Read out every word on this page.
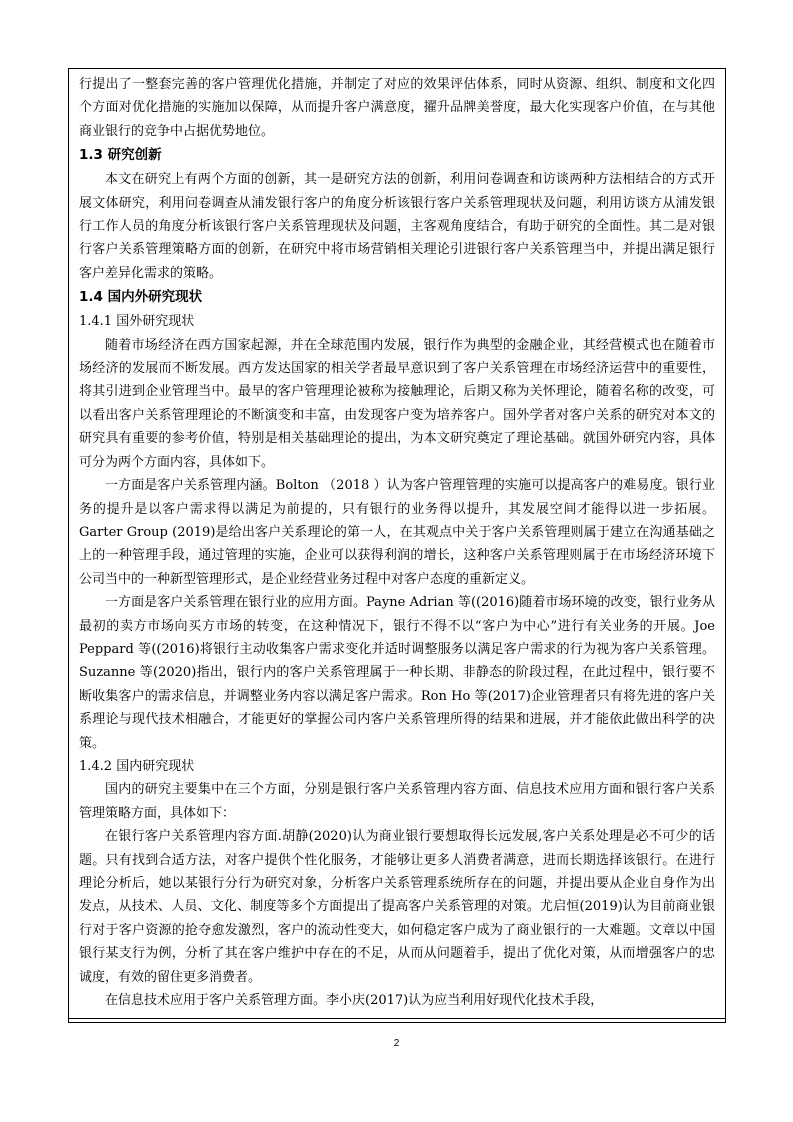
行提出了一整套完善的客户管理优化措施，并制定了对应的效果评估体系，同时从资源、组织、制度和文化四个方面对优化措施的实施加以保障，从而提升客户满意度，擢升品牌美誉度，最大化实现客户价值，在与其他商业银行的竞争中占据优势地位。

1.3 研究创新

本文在研究上有两个方面的创新，其一是研究方法的创新，利用问卷调查和访谈两种方法相结合的方式开展文体研究，利用问卷调查从浦发银行客户的角度分析该银行客户关系管理现状及问题，利用访谈方从浦发银行工作人员的角度分析该银行客户关系管理现状及问题，主客观角度结合，有助于研究的全面性。其二是对银行客户关系管理策略方面的创新，在研究中将市场营销相关理论引进银行客户关系管理当中，并提出满足银行客户差异化需求的策略。

1.4 国内外研究现状

1.4.1 国外研究现状

随着市场经济在西方国家起源，并在全球范围内发展，银行作为典型的金融企业，其经营模式也在随着市场经济的发展而不断发展。西方发达国家的相关学者最早意识到了客户关系管理在市场经济运营中的重要性，将其引进到企业管理当中。最早的客户管理理论被称为接触理论，后期又称为关怀理论，随着名称的改变，可以看出客户关系管理理论的不断演变和丰富，由发现客户变为培养客户。国外学者对客户关系的研究对本文的研究具有重要的参考价值，特别是相关基础理论的提出，为本文研究奠定了理论基础。就国外研究内容，具体可分为两个方面内容，具体如下。

一方面是客户关系管理内涵。Bolton （2018 ）认为客户管理管理的实施可以提高客户的难易度。银行业务的提升是以客户需求得以满足为前提的，只有银行的业务得以提升，其发展空间才能得以进一步拓展。Garter Group (2019)是给出客户关系理论的第一人，在其观点中关于客户关系管理则属于建立在沟通基础之上的一种管理手段，通过管理的实施，企业可以获得利润的增长，这种客户关系管理则属于在市场经济环境下公司当中的一种新型管理形式，是企业经营业务过程中对客户态度的重新定义。

一方面是客户关系管理在银行业的应用方面。Payne Adrian 等((2016)随着市场环境的改变，银行业务从最初的卖方市场向买方市场的转变，在这种情况下，银行不得不以“客户为中心”进行有关业务的开展。Joe Peppard 等((2016)将银行主动收集客户需求变化并适时调整服务以满足客户需求的行为视为客户关系管理。Suzanne 等(2020)指出，银行内的客户关系管理属于一种长期、非静态的阶段过程，在此过程中，银行要不断收集客户的需求信息，并调整业务内容以满足客户需求。Ron Ho 等(2017)企业管理者只有将先进的客户关系理论与现代技术相融合，才能更好的掌握公司内客户关系管理所得的结果和进展，并才能依此做出科学的决策。

1.4.2 国内研究现状

国内的研究主要集中在三个方面，分别是银行客户关系管理内容方面、信息技术应用方面和银行客户关系管理策略方面，具体如下：

在银行客户关系管理内容方面.胡静(2020)认为商业银行要想取得长远发展,客户关系处理是必不可少的话题。只有找到合适方法，对客户提供个性化服务，才能够让更多人消费者满意，进而长期选择该银行。在进行理论分析后，她以某银行分行为研究对象，分析客户关系管理系统所存在的问题，并提出要从企业自身作为出发点，从技术、人员、文化、制度等多个方面提出了提高客户关系管理的对策。尤启恒(2019)认为目前商业银行对于客户资源的抢夺愈发激烈，客户的流动性变大，如何稳定客户成为了商业银行的一大难题。文章以中国银行某支行为例，分析了其在客户维护中存在的不足，从而从问题着手，提出了优化对策，从而增强客户的忠诚度，有效的留住更多消费者。

在信息技术应用于客户关系管理方面。李小庆(2017)认为应当利用好现代化技术手段，

2
